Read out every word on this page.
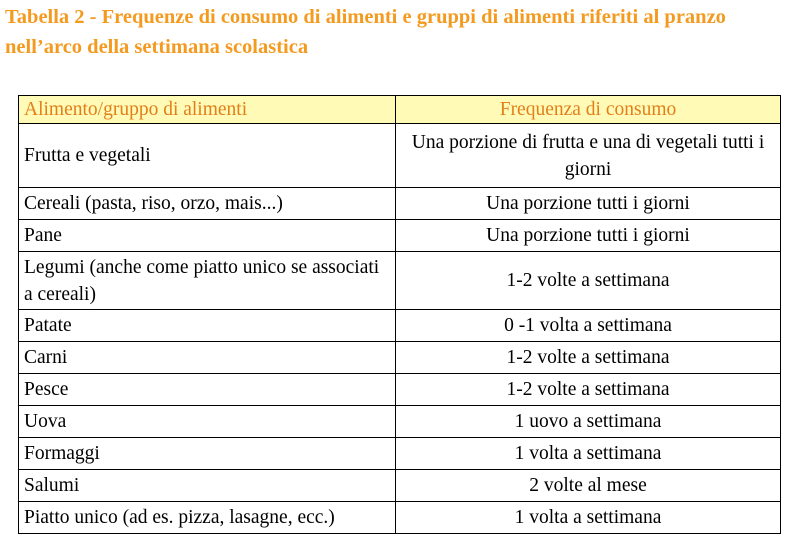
Tabella 2 - Frequenze di consumo di alimenti e gruppi di alimenti riferiti al pranzo nell’arco della settimana scolastica
Alimento/gruppo di alimenti	Frequenza di consumo
Frutta e vegetali	Una porzione di frutta e una di vegetali tutti i giorni
Cereali (pasta, riso, orzo, mais...)	Una porzione tutti i giorni
Pane	Una porzione tutti i giorni
Legumi (anche come piatto unico se associati a cereali)	1-2 volte a settimana
Patate	0 -1 volta a settimana
Carni	1-2 volte a settimana
Pesce	1-2 volte a settimana
Uova	1 uovo a settimana
Formaggi	1 volta a settimana
Salumi	2 volte al mese
Piatto unico (ad es. pizza, lasagne, ecc.)	1 volta a settimana
